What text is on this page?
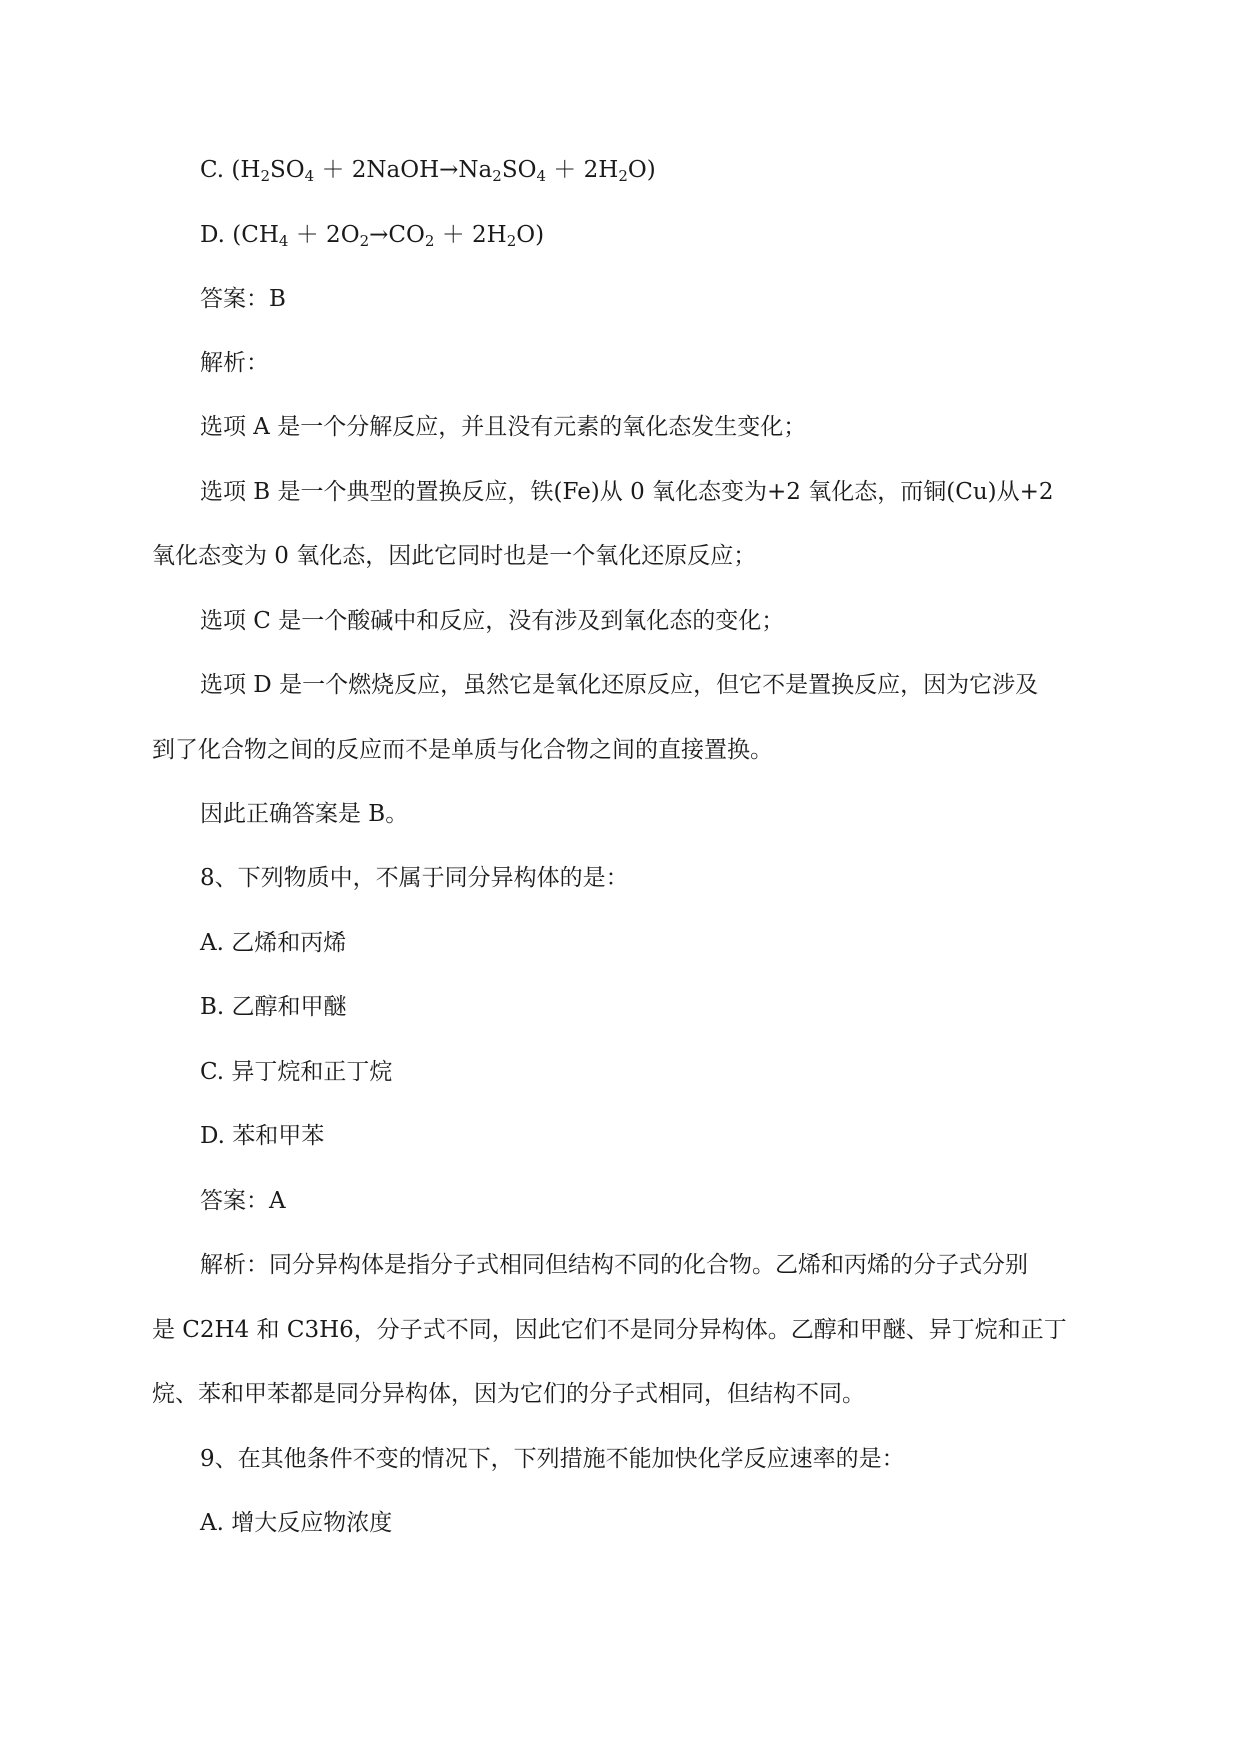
C. ($H_2SO_4$ ＋ $2NaOH\to Na_2SO_4 + 2H_2O$)
D. $(CH_4 + 2O_2\to CO_2 + 2H_2O)$
答案：B
解析：
选项 A 是一个分解反应，并且没有元素的氧化态发生变化；
选项 B 是一个典型的置换反应，铁(Fe)从 0 氧化态变为+2 氧化态，而铜(Cu)从+2
氧化态变为 0 氧化态，因此它同时也是一个氧化还原反应；
选项 C 是一个酸碱中和反应，没有涉及到氧化态的变化；
选项 D 是一个燃烧反应，虽然它是氧化还原反应，但它不是置换反应，因为它涉及
到了化合物之间的反应而不是单质与化合物之间的直接置换。
因此正确答案是 B。
8、下列物质中，不属于同分异构体的是：
A. 乙烯和丙烯
B. 乙醇和甲醚
C. 异丁烷和正丁烷
D. 苯和甲苯
答案：A
解析：同分异构体是指分子式相同但结构不同的化合物。乙烯和丙烯的分子式分别
是 C2H4 和 C3H6，分子式不同，因此它们不是同分异构体。乙醇和甲醚、异丁烷和正丁
烷、苯和甲苯都是同分异构体，因为它们的分子式相同，但结构不同。
9、在其他条件不变的情况下，下列措施不能加快化学反应速率的是：
A. 增大反应物浓度
